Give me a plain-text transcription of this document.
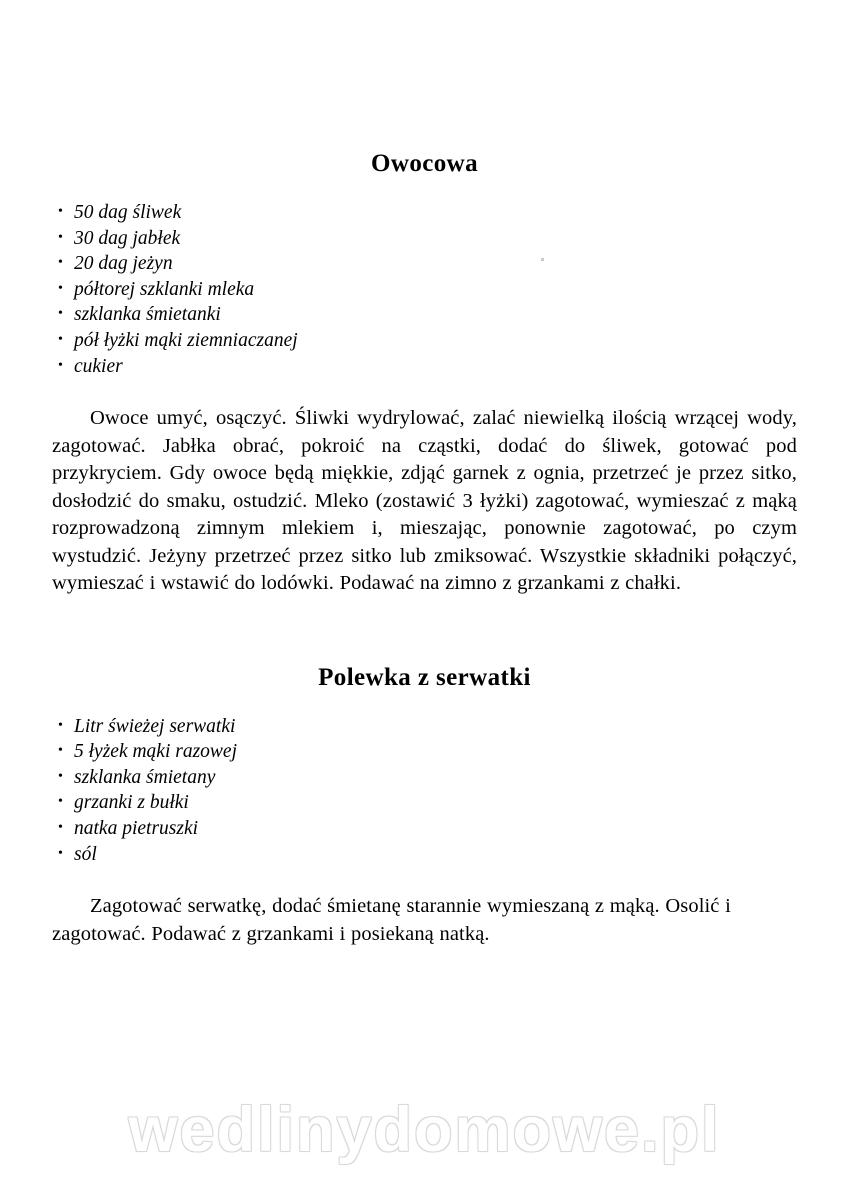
Owocowa
• 50 dag śliwek
• 30 dag jabłek
• 20 dag jeżyn
• półtorej szklanki mleka
• szklanka śmietanki
• pół łyżki mąki ziemniaczanej
• cukier

Owoce umyć, osączyć. Śliwki wydrylować, zalać niewielką ilością wrzącej wody, zagotować. Jabłka obrać, pokroić na cząstki, dodać do śliwek, gotować pod przykryciem. Gdy owoce będą miękkie, zdjąć garnek z ognia, przetrzeć je przez sitko, dosłodzić do smaku, ostudzić. Mleko (zostawić 3 łyżki) zagotować, wymieszać z mąką rozprowadzoną zimnym mlekiem i, mieszając, ponownie zagotować, po czym wystudzić. Jeżyny przetrzeć przez sitko lub zmiksować. Wszystkie składniki połączyć, wymieszać i wstawić do lodówki. Podawać na zimno z grzankami z chałki.

Polewka z serwatki
• Litr świeżej serwatki
• 5 łyżek mąki razowej
• szklanka śmietany
• grzanki z bułki
• natka pietruszki
• sól

Zagotować serwatkę, dodać śmietanę starannie wymieszaną z mąką. Osolić i zagotować. Podawać z grzankami i posiekaną natką.

wedlinydomowe.pl
